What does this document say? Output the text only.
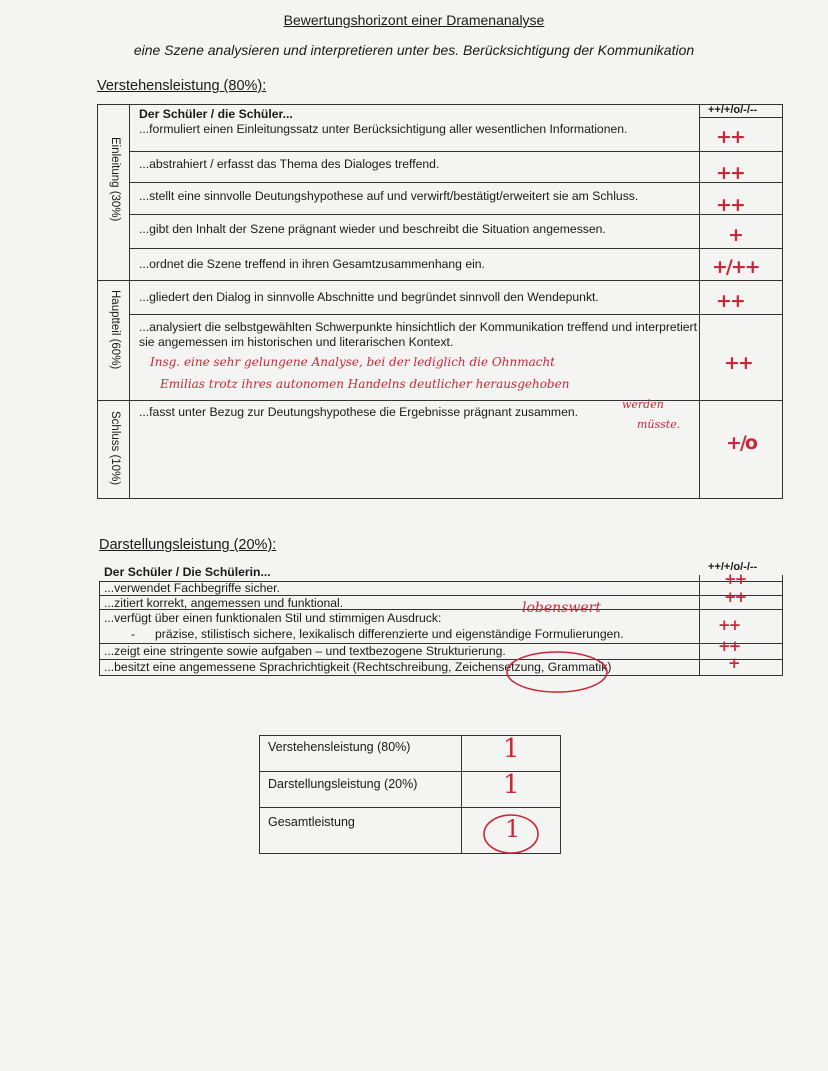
Bewertungshorizont einer Dramenanalyse
eine Szene analysieren und interpretieren unter bes. Berücksichtigung der Kommunikation
Verstehensleistung (80%):
Der Schüler / die Schüler...	++/+/o/-/--
Einleitung (30%)
Hauptteil (60%)
Schluss (10%)
...formuliert einen Einleitungssatz unter Berücksichtigung aller wesentlichen Informationen.
...abstrahiert / erfasst das Thema des Dialoges treffend.
...stellt eine sinnvolle Deutungshypothese auf und verwirft/bestätigt/erweitert sie am Schluss.
...gibt den Inhalt der Szene prägnant wieder und beschreibt die Situation angemessen.
...ordnet die Szene treffend in ihren Gesamtzusammenhang ein.
...gliedert den Dialog in sinnvolle Abschnitte und begründet sinnvoll den Wendepunkt.
...analysiert die selbstgewählten Schwerpunkte hinsichtlich der Kommunikation treffend und interpretiert sie angemessen im historischen und literarischen Kontext.
...fasst unter Bezug zur Deutungshypothese die Ergebnisse prägnant zusammen.
Insg. eine sehr gelungene Analyse, bei der lediglich die Ohnmacht
Emilias trotz ihres autonomen Handelns deutlicher herausgehoben
werden
müsste.
++
++
++
+
+/++
++
++
+/o
Darstellungsleistung (20%):
Der Schüler / Die Schülerin...	++/+/o/-/--
...verwendet Fachbegriffe sicher.
...zitiert korrekt, angemessen und funktional.
...verfügt über einen funktionalen Stil und stimmigen Ausdruck:
- präzise, stilistisch sichere, lexikalisch differenzierte und eigenständige Formulierungen.
...zeigt eine stringente sowie aufgaben – und textbezogene Strukturierung.
...besitzt eine angemessene Sprachrichtigkeit (Rechtschreibung, Zeichensetzung, Grammatik)
lobenswert
++
++
++
++
+
Verstehensleistung (80%)
Darstellungsleistung (20%)
Gesamtleistung
1
1
1
